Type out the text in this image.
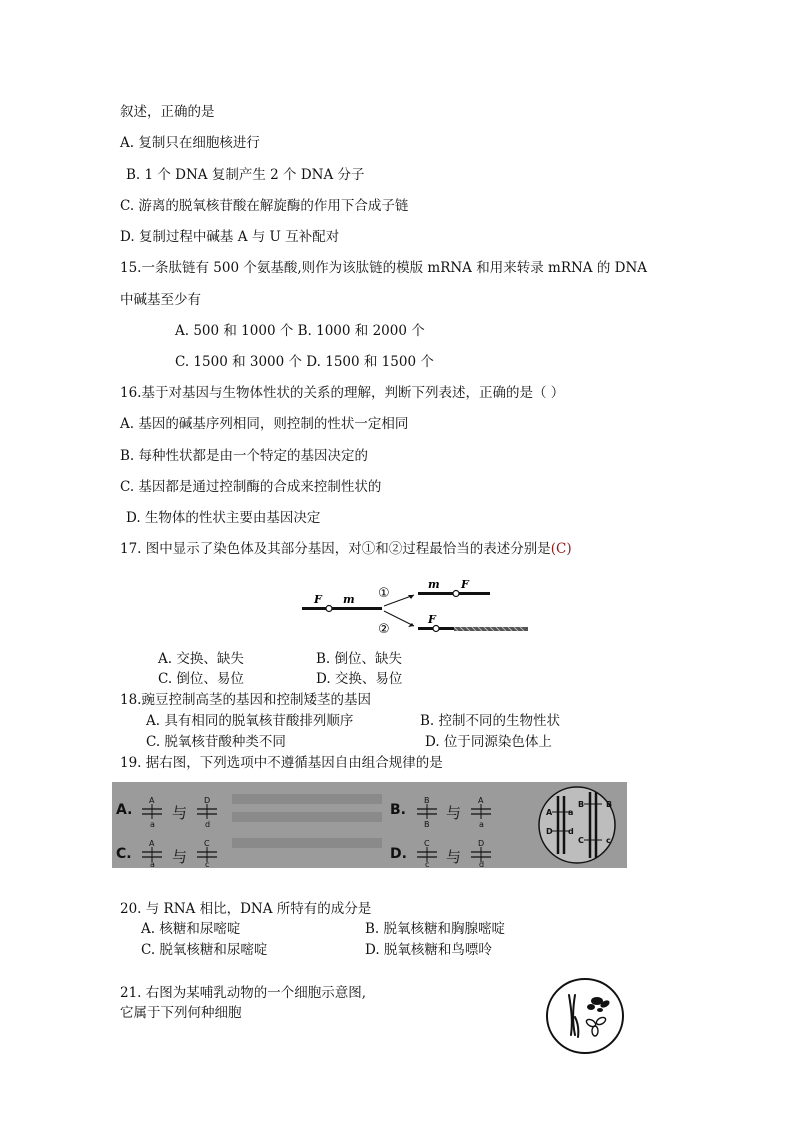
叙述，正确的是
A. 复制只在细胞核进行
B. 1 个 DNA 复制产生 2 个 DNA 分子
C. 游离的脱氧核苷酸在解旋酶的作用下合成子链
D. 复制过程中碱基 A 与 U 互补配对
15.一条肽链有 500 个氨基酸,则作为该肽链的模版 mRNA 和用来转录 mRNA 的 DNA
中碱基至少有
A. 500 和 1000 个 B. 1000 和 2000 个
C. 1500 和 3000 个 D. 1500 和 1500 个
16.基于对基因与生物体性状的关系的理解，判断下列表述，正确的是（ ）
A. 基因的碱基序列相同，则控制的性状一定相同
B. 每种性状都是由一个特定的基因决定的
C. 基因都是通过控制酶的合成来控制性状的
D. 生物体的性状主要由基因决定
17. 图中显示了染色体及其部分基因，对①和②过程最恰当的表述分别是(C)
F m ①
②
m F
F
A. 交换、缺失	B. 倒位、缺失
C. 倒位、易位	D. 交换、易位
18.豌豆控制高茎的基因和控制矮茎的基因
A. 具有相同的脱氧核苷酸排列顺序	B. 控制不同的生物性状
C. 脱氧核苷酸种类不同	D. 位于同源染色体上
19. 据右图，下列选项中不遵循基因自由组合规律的是
A.
A
a
与
D
d
C.
A
a 与
C
c
B.
B
B
与
A
a
D.
C
c 与
D
d
A a
B	B
D d
C	c
20. 与 RNA 相比，DNA 所特有的成分是
A. 核糖和尿嘧啶	B. 脱氧核糖和胸腺嘧啶
C. 脱氧核糖和尿嘧啶	D. 脱氧核糖和鸟嘌呤
21. 右图为某哺乳动物的一个细胞示意图,
它属于下列何种细胞
